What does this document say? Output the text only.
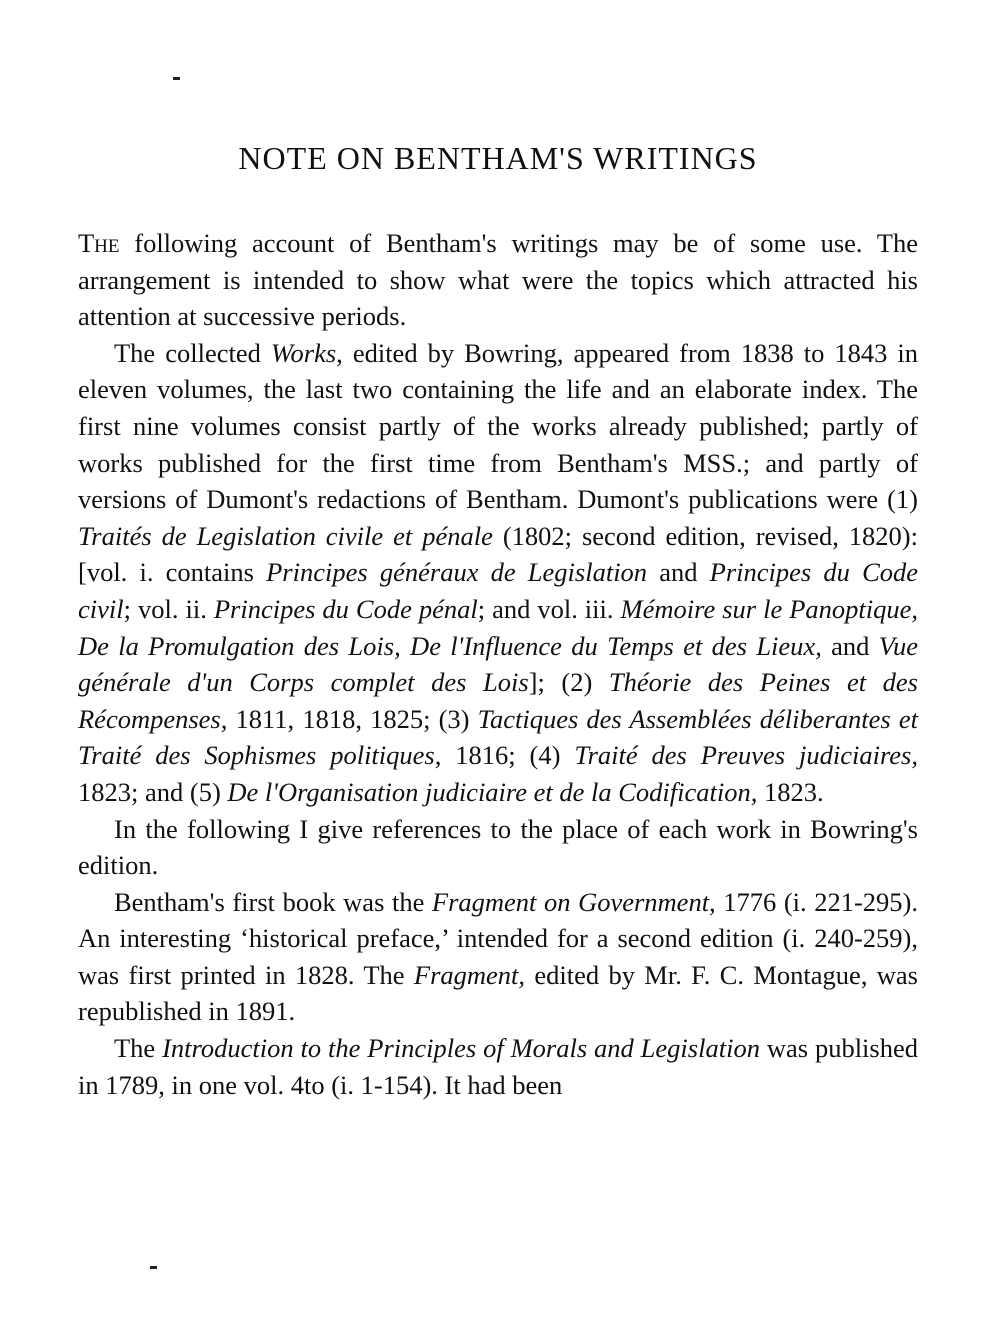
NOTE ON BENTHAM'S WRITINGS

The following account of Bentham's writings may be of some use. The arrangement is intended to show what were the topics which attracted his attention at successive periods.

The collected Works, edited by Bowring, appeared from 1838 to 1843 in eleven volumes, the last two containing the life and an elaborate index. The first nine volumes consist partly of the works already published; partly of works published for the first time from Bentham's MSS.; and partly of versions of Dumont's redactions of Bentham. Dumont's publications were (1) Traités de Legislation civile et pénale (1802; second edition, revised, 1820): [vol. i. contains Principes généraux de Legislation and Principes du Code civil; vol. ii. Principes du Code pénal; and vol. iii. Mémoire sur le Panoptique, De la Promulgation des Lois, De l'Influence du Temps et des Lieux, and Vue générale d'un Corps complet des Lois]; (2) Théorie des Peines et des Récompenses, 1811, 1818, 1825; (3) Tactiques des Assemblées déliberantes et Traité des Sophismes politiques, 1816; (4) Traité des Preuves judiciaires, 1823; and (5) De l'Organisation judiciaire et de la Codification, 1823.

In the following I give references to the place of each work in Bowring's edition.

Bentham's first book was the Fragment on Government, 1776 (i. 221-295). An interesting ‘historical preface,’ intended for a second edition (i. 240-259), was first printed in 1828. The Fragment, edited by Mr. F. C. Montague, was republished in 1891.

The Introduction to the Principles of Morals and Legislation was published in 1789, in one vol. 4to (i. 1-154). It had been
